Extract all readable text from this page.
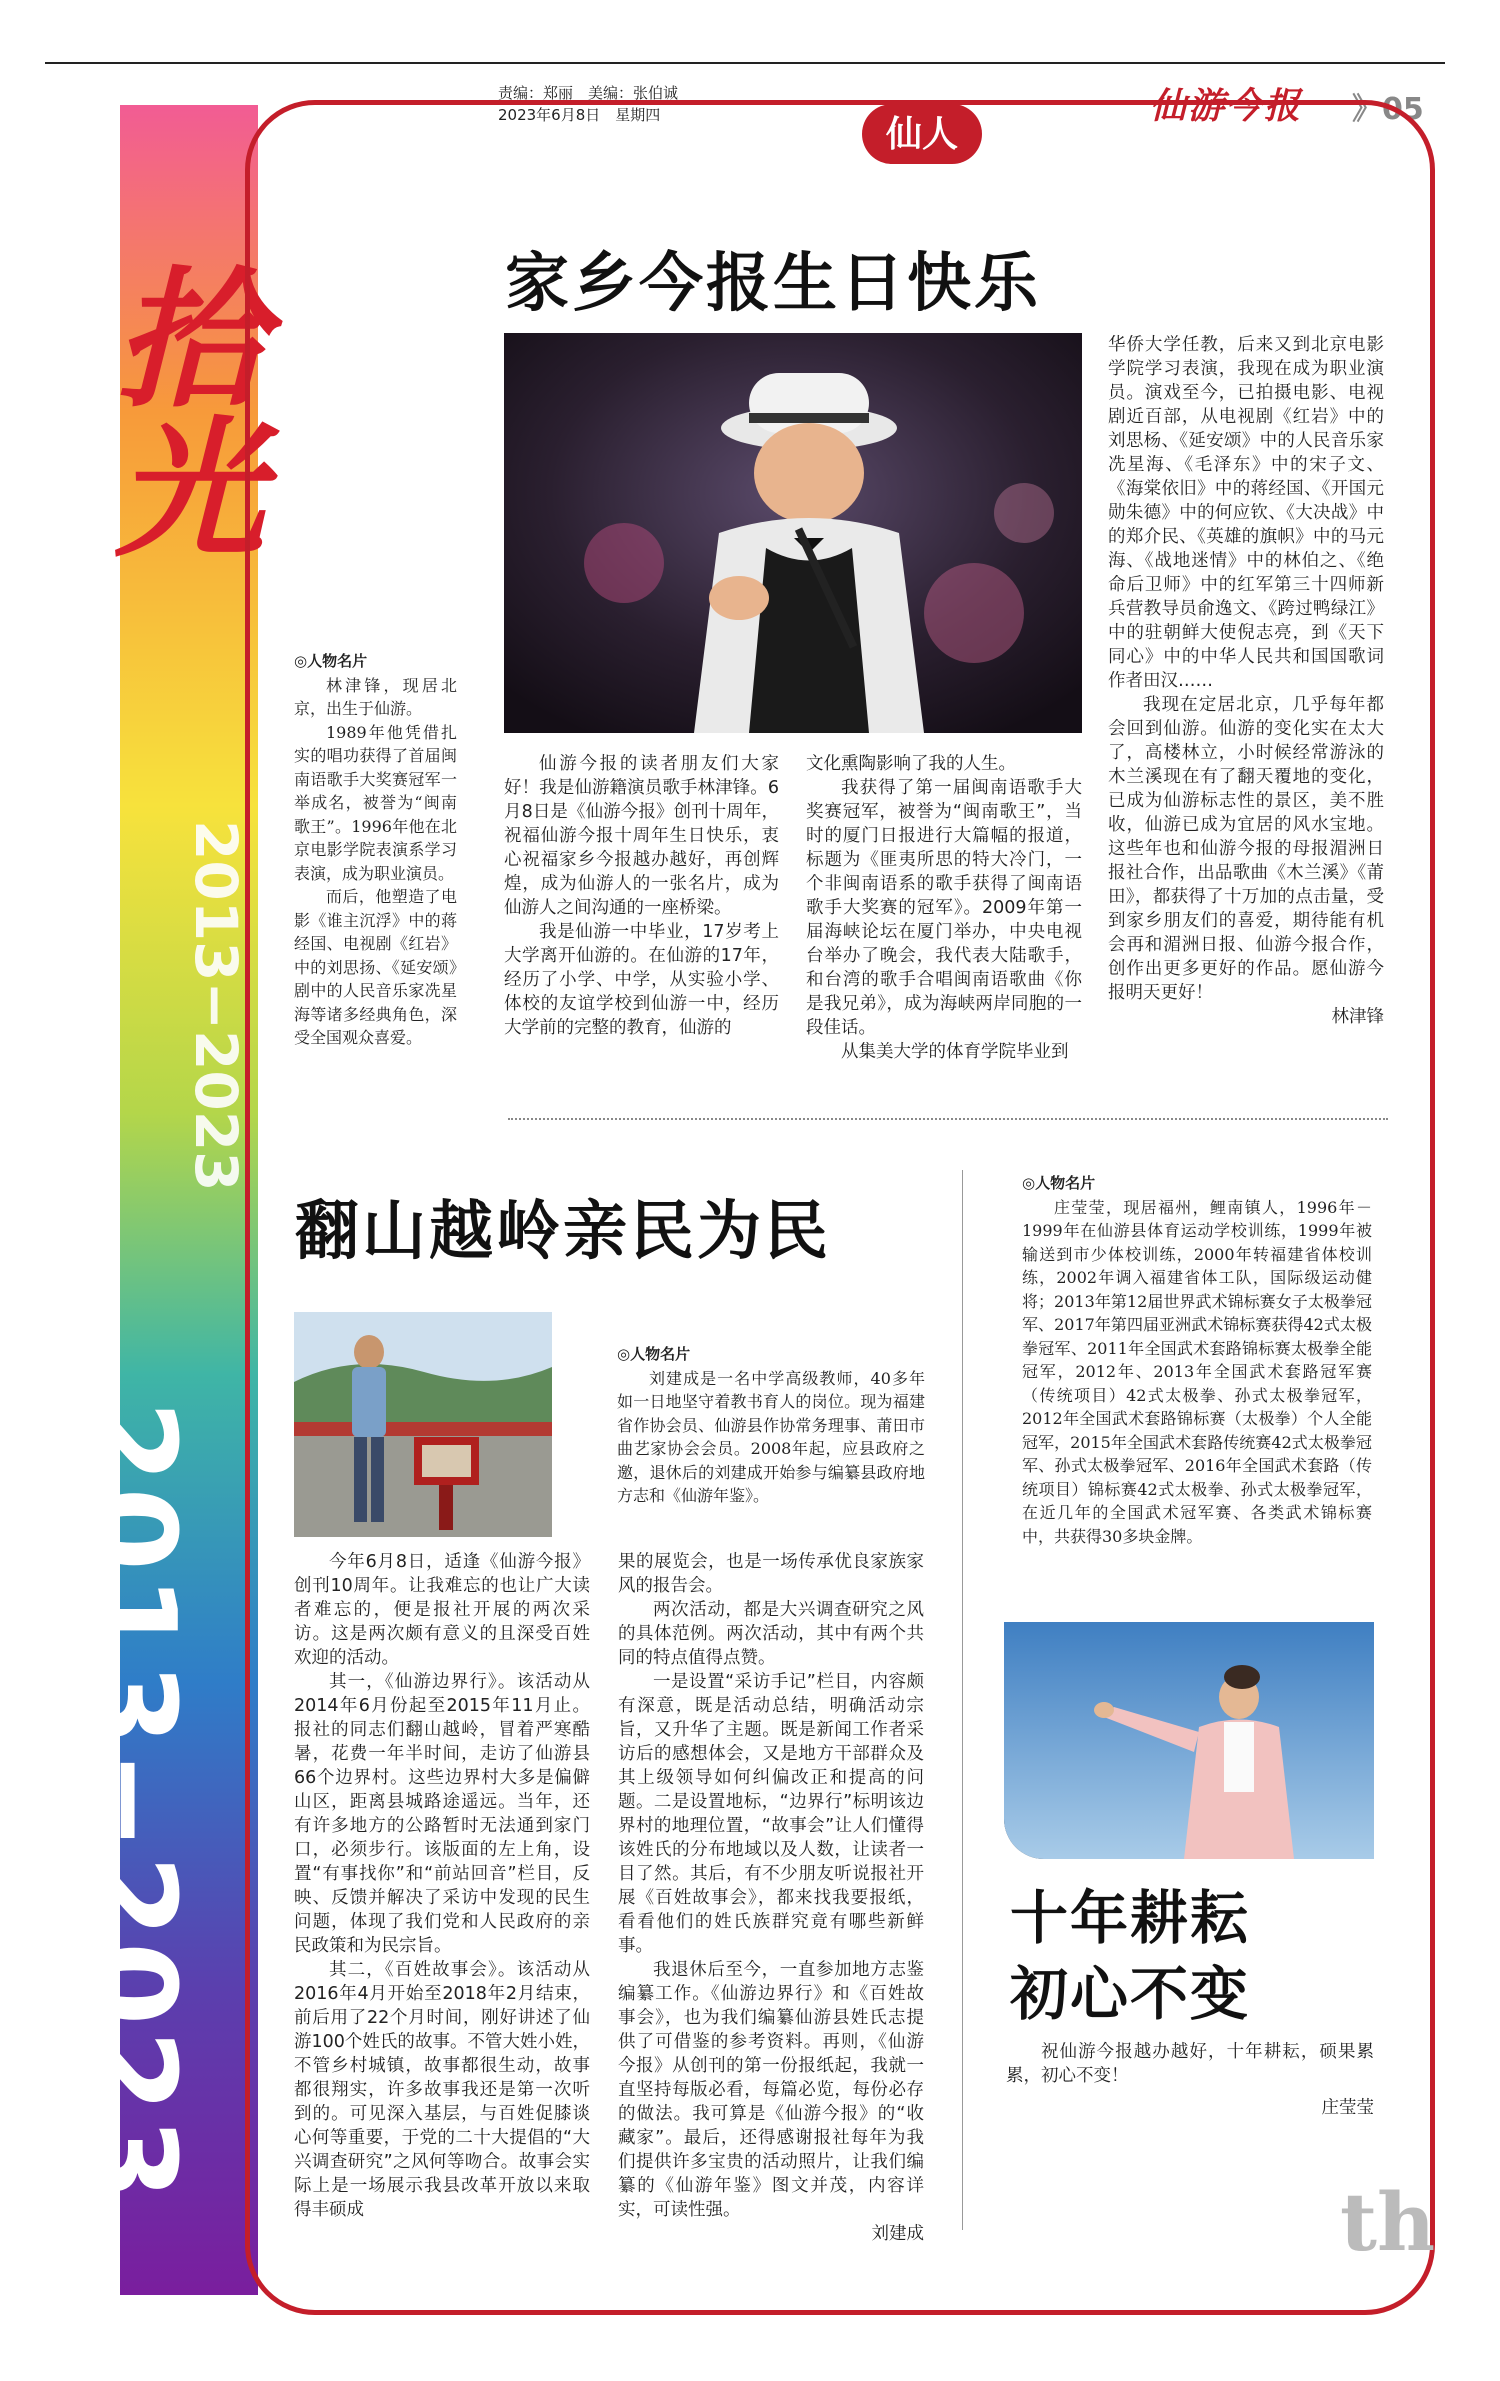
责编：郑丽　美编：张伯诚
2023年6月8日　星期四	仙游今报 》05
2013−2023
2013−2023
拾光
仙人
家乡今报生日快乐

◎人物名片

林津锋，现居北京，出生于仙游。

1989年他凭借扎实的唱功获得了首届闽南语歌手大奖赛冠军一举成名，被誉为“闽南歌王”。1996年他在北京电影学院表演系学习表演，成为职业演员。

而后，他塑造了电影《谁主沉浮》中的蒋经国、电视剧《红岩》中的刘思扬、《延安颂》剧中的人民音乐家冼星海等诸多经典角色，深受全国观众喜爱。

仙游今报的读者朋友们大家好！我是仙游籍演员歌手林津锋。6月8日是《仙游今报》创刊十周年，祝福仙游今报十周年生日快乐，衷心祝福家乡今报越办越好，再创辉煌，成为仙游人的一张名片，成为仙游人之间沟通的一座桥梁。

我是仙游一中毕业，17岁考上大学离开仙游的。在仙游的17年，经历了小学、中学，从实验小学、体校的友谊学校到仙游一中，经历大学前的完整的教育，仙游的

文化熏陶影响了我的人生。

我获得了第一届闽南语歌手大奖赛冠军，被誉为“闽南歌王”，当时的厦门日报进行大篇幅的报道，标题为《匪夷所思的特大冷门，一个非闽南语系的歌手获得了闽南语歌手大奖赛的冠军》。2009年第一届海峡论坛在厦门举办，中央电视台举办了晚会，我代表大陆歌手，和台湾的歌手合唱闽南语歌曲《你是我兄弟》，成为海峡两岸同胞的一段佳话。

从集美大学的体育学院毕业到

华侨大学任教，后来又到北京电影学院学习表演，我现在成为职业演员。演戏至今，已拍摄电影、电视剧近百部，从电视剧《红岩》中的刘思杨、《延安颂》中的人民音乐家冼星海、《毛泽东》中的宋子文、《海棠依旧》中的蒋经国、《开国元勋朱德》中的何应钦、《大决战》中的郑介民、《英雄的旗帜》中的马元海、《战地迷情》中的林伯之、《绝命后卫师》中的红军第三十四师新兵营教导员俞逸文、《跨过鸭绿江》中的驻朝鲜大使倪志亮，到《天下同心》中的中华人民共和国国歌词作者田汉……

我现在定居北京，几乎每年都会回到仙游。仙游的变化实在太大了，高楼林立，小时候经常游泳的木兰溪现在有了翻天覆地的变化，已成为仙游标志性的景区，美不胜收，仙游已成为宜居的风水宝地。这些年也和仙游今报的母报湄洲日报社合作，出品歌曲《木兰溪》《莆田》，都获得了十万加的点击量，受到家乡朋友们的喜爱，期待能有机会再和湄洲日报、仙游今报合作，创作出更多更好的作品。愿仙游今报明天更好！

林津锋
翻山越岭亲民为民

◎人物名片

刘建成是一名中学高级教师，40多年如一日地坚守着教书育人的岗位。现为福建省作协会员、仙游县作协常务理事、莆田市曲艺家协会会员。2008年起，应县政府之邀，退休后的刘建成开始参与编纂县政府地方志和《仙游年鉴》。

今年6月8日，适逢《仙游今报》创刊10周年。让我难忘的也让广大读者难忘的，便是报社开展的两次采访。这是两次颇有意义的且深受百姓欢迎的活动。

其一，《仙游边界行》。该活动从2014年6月份起至2015年11月止。报社的同志们翻山越岭，冒着严寒酷暑，花费一年半时间，走访了仙游县66个边界村。这些边界村大多是偏僻山区，距离县城路途遥远。当年，还有许多地方的公路暂时无法通到家门口，必须步行。该版面的左上角，设置“有事找你”和“前站回音”栏目，反映、反馈并解决了采访中发现的民生问题，体现了我们党和人民政府的亲民政策和为民宗旨。

其二，《百姓故事会》。该活动从2016年4月开始至2018年2月结束，前后用了22个月时间，刚好讲述了仙游100个姓氏的故事。不管大姓小姓，不管乡村城镇，故事都很生动，故事都很翔实，许多故事我还是第一次听到的。可见深入基层，与百姓促膝谈心何等重要，于党的二十大提倡的“大兴调查研究”之风何等吻合。故事会实际上是一场展示我县改革开放以来取得丰硕成

果的展览会，也是一场传承优良家族家风的报告会。

两次活动，都是大兴调查研究之风的具体范例。两次活动，其中有两个共同的特点值得点赞。

一是设置“采访手记”栏目，内容颇有深意，既是活动总结，明确活动宗旨，又升华了主题。既是新闻工作者采访后的感想体会，又是地方干部群众及其上级领导如何纠偏改正和提高的问题。二是设置地标，“边界行”标明该边界村的地理位置，“故事会”让人们懂得该姓氏的分布地域以及人数，让读者一目了然。其后，有不少朋友听说报社开展《百姓故事会》，都来找我要报纸，看看他们的姓氏族群究竟有哪些新鲜事。

我退休后至今，一直参加地方志鉴编纂工作。《仙游边界行》和《百姓故事会》，也为我们编纂仙游县姓氏志提供了可借鉴的参考资料。再则，《仙游今报》从创刊的第一份报纸起，我就一直坚持每版必看，每篇必览，每份必存的做法。我可算是《仙游今报》的“收藏家”。最后，还得感谢报社每年为我们提供许多宝贵的活动照片，让我们编纂的《仙游年鉴》图文并茂，内容详实，可读性强。

刘建成

◎人物名片

庄莹莹，现居福州，鲤南镇人，1996年－1999年在仙游县体育运动学校训练，1999年被输送到市少体校训练，2000年转福建省体校训练，2002年调入福建省体工队，国际级运动健将；2013年第12届世界武术锦标赛女子太极拳冠军、2017年第四届亚洲武术锦标赛获得42式太极拳冠军、2011年全国武术套路锦标赛太极拳全能冠军，2012年、2013年全国武术套路冠军赛（传统项目）42式太极拳、孙式太极拳冠军，2012年全国武术套路锦标赛（太极拳）个人全能冠军，2015年全国武术套路传统赛42式太极拳冠军、孙式太极拳冠军、2016年全国武术套路（传统项目）锦标赛42式太极拳、孙式太极拳冠军，在近几年的全国武术冠军赛、各类武术锦标赛中，共获得30多块金牌。

十年耕耘
初心不变

祝仙游今报越办越好，十年耕耘，硕果累累，初心不变！

庄莹莹
th
